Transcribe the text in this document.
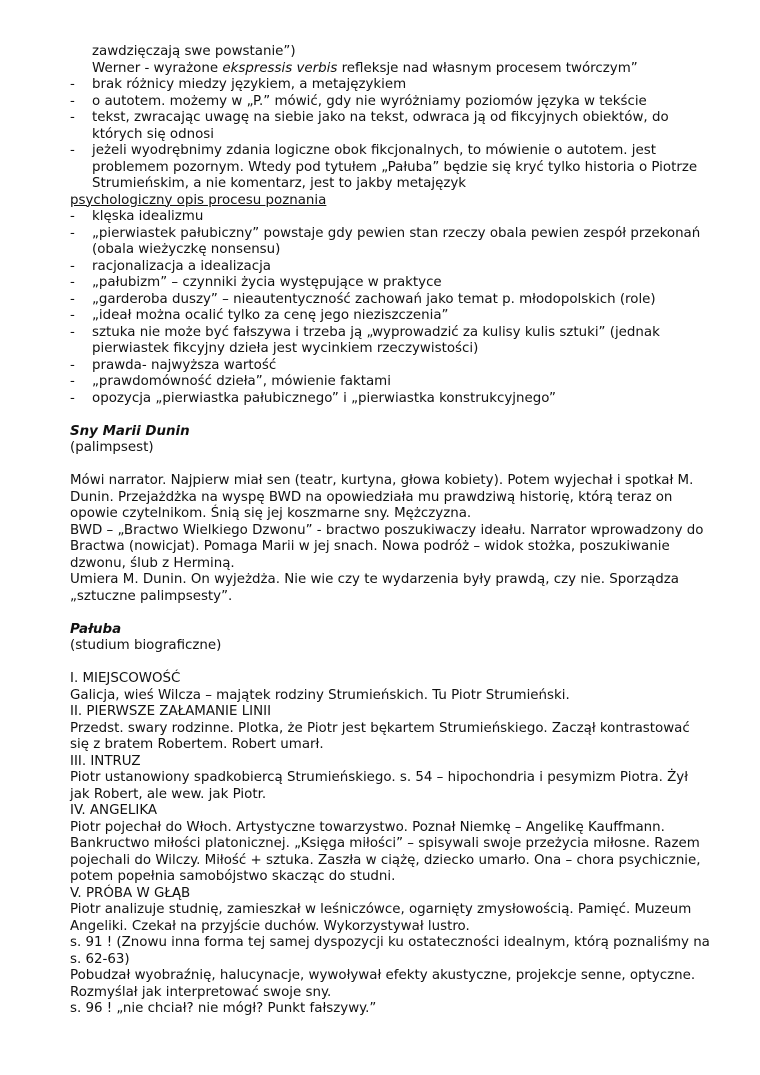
zawdzięczają swe powstanie”)

Werner - wyrażone ekspressis verbis refleksje nad własnym procesem twórczym”

- brak różnicy miedzy językiem, a metajęzykiem
- o autotem. możemy w „P.” mówić, gdy nie wyróżniamy poziomów języka w tekście
- tekst, zwracając uwagę na siebie jako na tekst, odwraca ją od fikcyjnych obiektów, do których się odnosi
- jeżeli wyodrębnimy zdania logiczne obok fikcjonalnych, to mówienie o autotem. jest problemem pozornym. Wtedy pod tytułem „Pałuba” będzie się kryć tylko historia o Piotrze Strumieńskim, a nie komentarz, jest to jakby metajęzyk

psychologiczny opis procesu poznania

- klęska idealizmu
- „pierwiastek pałubiczny” powstaje gdy pewien stan rzeczy obala pewien zespół przekonań (obala wieżyczkę nonsensu)
- racjonalizacja a idealizacja
- „pałubizm” – czynniki życia występujące w praktyce
- „garderoba duszy” – nieautentyczność zachowań jako temat p. młodopolskich (role)
- „ideał można ocalić tylko za cenę jego nieziszczenia”
- sztuka nie może być fałszywa i trzeba ją „wyprowadzić za kulisy kulis sztuki” (jednak pierwiastek fikcyjny dzieła jest wycinkiem rzeczywistości)
- prawda- najwyższa wartość
- „prawdomówność dzieła”, mówienie faktami
- opozycja „pierwiastka pałubicznego” i „pierwiastka konstrukcyjnego”

Sny Marii Dunin

(palimpsest)

Mówi narrator. Najpierw miał sen (teatr, kurtyna, głowa kobiety). Potem wyjechał i spotkał M. Dunin. Przejażdżka na wyspę BWD na opowiedziała mu prawdziwą historię, którą teraz on opowie czytelnikom. Śnią się jej koszmarne sny. Mężczyzna.

BWD – „Bractwo Wielkiego Dzwonu” - bractwo poszukiwaczy ideału. Narrator wprowadzony do Bractwa (nowicjat). Pomaga Marii w jej snach. Nowa podróż – widok stożka, poszukiwanie dzwonu, ślub z Herminą.

Umiera M. Dunin. On wyjeżdża. Nie wie czy te wydarzenia były prawdą, czy nie. Sporządza „sztuczne palimpsesty”.

Pałuba

(studium biograficzne)

I. MIEJSCOWOŚĆ

Galicja, wieś Wilcza – majątek rodziny Strumieńskich. Tu Piotr Strumieński.

II. PIERWSZE ZAŁAMANIE LINII

Przedst. swary rodzinne. Plotka, że Piotr jest bękartem Strumieńskiego. Zaczął kontrastować się z bratem Robertem. Robert umarł.

III. INTRUZ

Piotr ustanowiony spadkobiercą Strumieńskiego. s. 54 – hipochondria i pesymizm Piotra. Żył jak Robert, ale wew. jak Piotr.

IV. ANGELIKA

Piotr pojechał do Włoch. Artystyczne towarzystwo. Poznał Niemkę – Angelikę Kauffmann. Bankructwo miłości platonicznej. „Księga miłości” – spisywali swoje przeżycia miłosne. Razem pojechali do Wilczy. Miłość + sztuka. Zaszła w ciążę, dziecko umarło. Ona – chora psychicznie, potem popełnia samobójstwo skacząc do studni.

V. PRÓBA W GŁĄB

Piotr analizuje studnię, zamieszkał w leśniczówce, ogarnięty zmysłowością. Pamięć. Muzeum Angeliki. Czekał na przyjście duchów. Wykorzystywał lustro.

s. 91 ! (Znowu inna forma tej samej dyspozycji ku ostateczności idealnym, którą poznaliśmy na s. 62-63)

Pobudzał wyobraźnię, halucynacje, wywoływał efekty akustyczne, projekcje senne, optyczne. Rozmyślał jak interpretować swoje sny.

s. 96 ! „nie chciał? nie mógł? Punkt fałszywy.”
